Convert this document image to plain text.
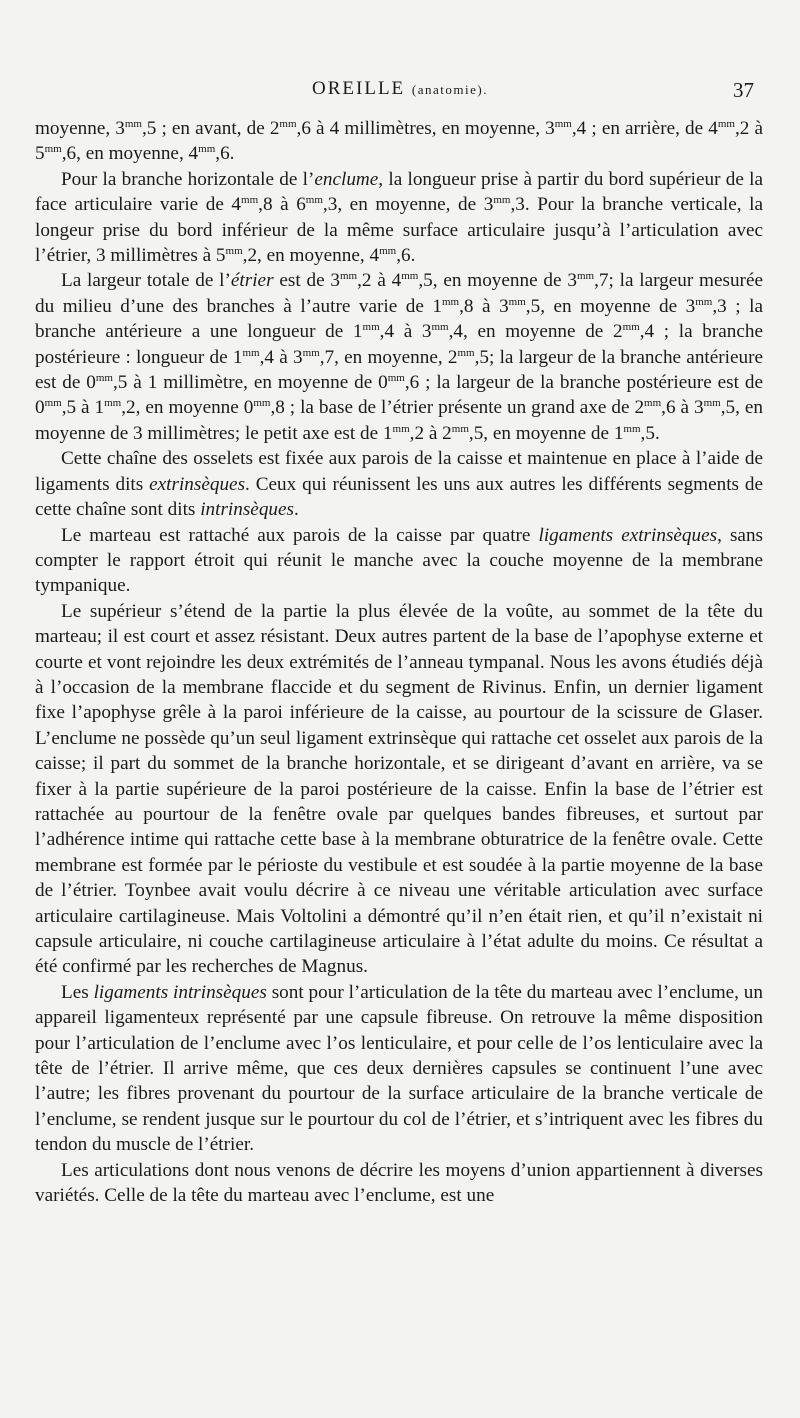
OREILLE (anatomie).	37

moyenne, $3^{mm},5$ ; en avant, de $2^{mm},6$ à 4 millimètres, en moyenne, $3^{mm},4$ ; en arrière, de $4^{mm},2$ à $5^{mm},6$, en moyenne, $4^{mm},6$.

Pour la branche horizontale de l’enclume, la longueur prise à partir du bord supérieur de la face articulaire varie de $4^{mm},8$ à $6^{mm},3$, en moyenne, de $3^{mm},3$. Pour la branche verticale, la longeur prise du bord inférieur de la même surface articulaire jusqu’à l’articulation avec l’étrier, 3 millimètres à $5^{mm},2$, en moyenne, $4^{mm},6$.

La largeur totale de l’étrier est de $3^{mm},2$ à $4^{mm},5$, en moyenne de $3^{mm},7$; la largeur mesurée du milieu d’une des branches à l’autre varie de $1^{mm},8$ à $3^{mm},5$, en moyenne de $3^{mm},3$ ; la branche antérieure a une longueur de $1^{mm},4$ à $3^{mm},4$, en moyenne de $2^{mm},4$ ; la branche postérieure : longueur de $1^{mm},4$ à $3^{mm},7$, en moyenne, $2^{mm},5$; la largeur de la branche antérieure est de $0^{mm},5$ à 1 millimètre, en moyenne de $0^{mm},6$ ; la largeur de la branche postérieure est de $0^{mm},5$ à $1^{mm},2$, en moyenne $0^{mm},8$ ; la base de l’étrier présente un grand axe de $2^{mm},6$ à $3^{mm},5$, en moyenne de 3 millimètres; le petit axe est de $1^{mm},2$ à $2^{mm},5$, en moyenne de $1^{mm},5$.

Cette chaîne des osselets est fixée aux parois de la caisse et maintenue en place à l’aide de ligaments dits extrinsèques. Ceux qui réunissent les uns aux autres les différents segments de cette chaîne sont dits intrinsèques.

Le marteau est rattaché aux parois de la caisse par quatre ligaments extrinsèques, sans compter le rapport étroit qui réunit le manche avec la couche moyenne de la membrane tympanique.

Le supérieur s’étend de la partie la plus élevée de la voûte, au sommet de la tête du marteau; il est court et assez résistant. Deux autres partent de la base de l’apophyse externe et courte et vont rejoindre les deux extrémités de l’anneau tympanal. Nous les avons étudiés déjà à l’occasion de la membrane flaccide et du segment de Rivinus. Enfin, un dernier ligament fixe l’apophyse grêle à la paroi inférieure de la caisse, au pourtour de la scissure de Glaser. L’enclume ne possède qu’un seul ligament extrinsèque qui rattache cet osselet aux parois de la caisse; il part du sommet de la branche horizontale, et se dirigeant d’avant en arrière, va se fixer à la partie supérieure de la paroi postérieure de la caisse. Enfin la base de l’étrier est rattachée au pourtour de la fenêtre ovale par quelques bandes fibreuses, et surtout par l’adhérence intime qui rattache cette base à la membrane obturatrice de la fenêtre ovale. Cette membrane est formée par le périoste du vestibule et est soudée à la partie moyenne de la base de l’étrier. Toynbee avait voulu décrire à ce niveau une véritable articulation avec surface articulaire cartilagineuse. Mais Voltolini a démontré qu’il n’en était rien, et qu’il n’existait ni capsule articulaire, ni couche cartilagineuse articulaire à l’état adulte du moins. Ce résultat a été confirmé par les recherches de Magnus.

Les ligaments intrinsèques sont pour l’articulation de la tête du marteau avec l’enclume, un appareil ligamenteux représenté par une capsule fibreuse. On retrouve la même disposition pour l’articulation de l’enclume avec l’os lenticulaire, et pour celle de l’os lenticulaire avec la tête de l’étrier. Il arrive même, que ces deux dernières capsules se continuent l’une avec l’autre; les fibres provenant du pourtour de la surface articulaire de la branche verticale de l’enclume, se rendent jusque sur le pourtour du col de l’étrier, et s’intriquent avec les fibres du tendon du muscle de l’étrier.

Les articulations dont nous venons de décrire les moyens d’union appartiennent à diverses variétés. Celle de la tête du marteau avec l’enclume, est une
